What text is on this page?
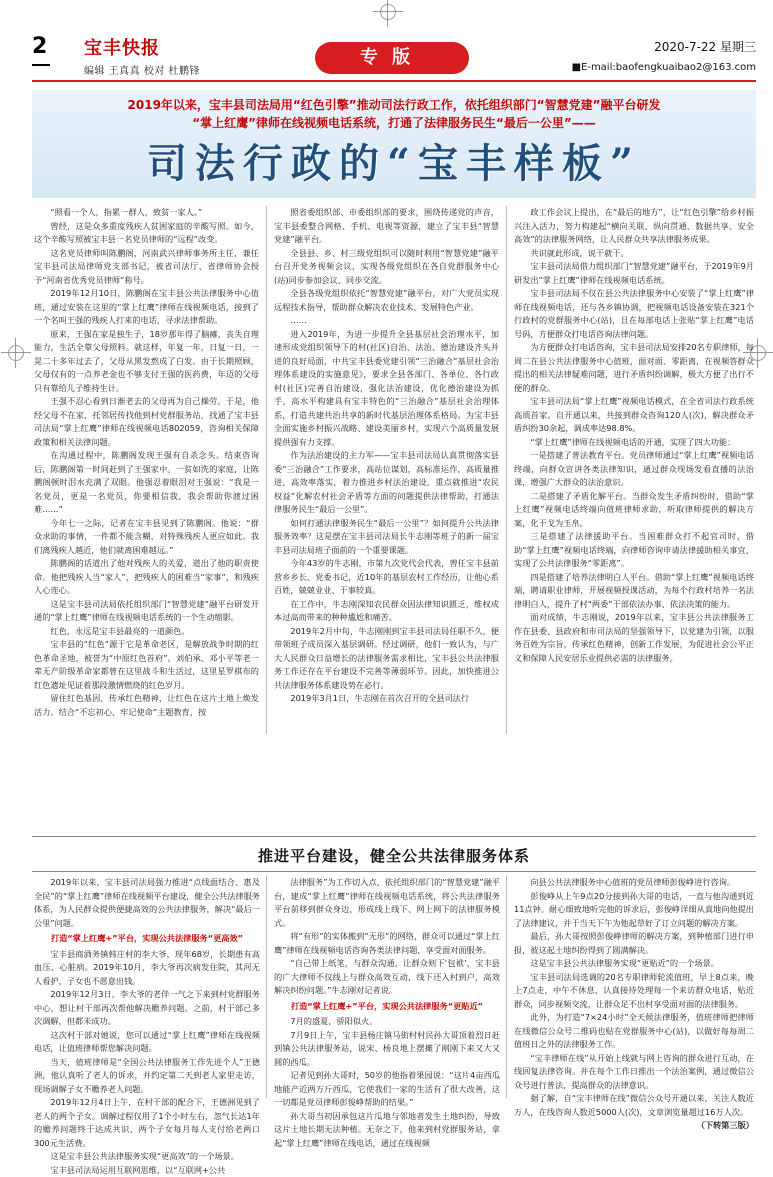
2 宝丰快报
编辑 王真真 校对 杜鹏锋
专版	2020-7-22 星期三
■E-mail:baofengkuaibao2@163.com
2019年以来，宝丰县司法局用“红色引擎”推动司法行政工作，依托组织部门“智慧党建”融平台研发
“掌上红鹰”律师在线视频电话系统，打通了法律服务民生“最后一公里”——
司法行政的“宝丰样板”

“照看一个人，指累一群人，致贫一家人。”

曾经，这是众多重度残疾人贫困家庭的辛酸写照。如今，这个辛酸写照被宝丰县一名党员律师的“远程”改变。

这名党员律师叫陈鹏阁，河南武兴律师事务所主任，兼任宝丰县司法局律师党支部书记，被省司法厅、省律师协会授予“河南省优秀党员律师”称号。

2019年12月10日，陈鹏阁在宝丰县公共法律服务中心值班，通过安装在这里的“掌上红鹰”律师在线视频电话，接到了一个名叫王强的残疾人打来的电话，寻求法律帮助。

原来，王强在家是独生子，18岁那年得了脑瘫，丧失自理能力，生活全靠父母照料。就这样，年复一年，日复一日，一晃二十多年过去了，父母从黑发熬成了白发。由于长期照顾，父母仅有的一点养老金也不够支付王强的医药费，年迈的父母只有靠给儿子维持生计。

王强不忍心看到日渐老去的父母再为自己操劳。于是，他经父母不在家，托邻居传找他到村党群服务站，找通了宝丰县司法局“掌上红鹰”律师在线视频电话802059，咨询相关保障政策和相关法律问题。

在沟通过程中，陈鹏阁发现王强有自杀念头。结束咨询后，陈鹏阁第一时间赶到了王强家中。一贫如洗的家庭，让陈鹏阁顿时泪水充满了双眼。他强忍着眼泪对王强说：“我是一名党员，更是一名党员，你要相信我，我会帮助你渡过困难……”

今年七一之际，记者在宝丰县见到了陈鹏阁。他说：“群众求助的事情，一件都不能含糊，对特殊残疾人更应如此。我们离残疾人越近，他们就离困难越远。”

陈鹏阁的话道出了他对残疾人的关爱，道出了他的职责使命。他把残疾人当“家人”，把残疾人的困难当“家事”，和残疾人心连心。

这是宝丰县司法局依托组织部门“智慧党建”融平台研发开通的“掌上红鹰”律师在线视频电话系统的一个生动缩影。

红色，永远是宝丰县最亮的一道颜色。

宝丰县的“红色”源于它是革命老区，是解放战争时期的红色革命圣地，被誉为“中原红色首府”。刘伯承、邓小平等老一辈无产阶级革命家都曾在这里战斗和生活过，这里星罗棋布的红色遗址见证着那段激情燃烧的红色岁月。

留住红色基因，传承红色精神，让红色在这片土地上焕发活力。结合“不忘初心、牢记使命”主题教育，按

照省委组织部、市委组织部的要求，围绕传递党的声音，宝丰县委整合网格、手机、电视等资源，建立了宝丰县“智慧党建”融平台。

全县县、乡、村三级党组织可以随时利用“智慧党建”融平台召开党务视频会议，实现各级党组织在各自党群服务中心(站)同步参加会议、同步交流。

全县各级党组织依托“智慧党建”融平台，对广大党员实现远程技术指导，帮助群众解决农业技术、发展特色产业。

……

进入2019年，为进一步提升全县基层社会治理水平，加速形成党组织领导下的村(社区)自治、法治、德治建设齐头并进的良好局面，中共宝丰县委党建引领“三治融合”基层社会治理体系建设的实施意见》，要求全县各部门、各单位、各行政村(社区)完善自治建设，强化法治建设，优化德治建设为抓手，高水平构建具有宝丰特色的“三治融合”基层社会治理体系，打造共建共治共享的新时代基层治理体系格局。为宝丰县全面实施乡村振兴战略、建设美丽乡村，实现六个高质量发展提供强有力支撑。

作为法治建设的主力军——宝丰县司法局认真贯彻落实县委“三治融合”工作要求，高站位谋划，高标准运作，高质量推进，高效率落实，着力推进乡村法治建设，重点就推进“农民权益”化解农村社会矛盾等方面的问题提供法律帮助，打通法律服务民生“最后一公里”。

如何打通法律服务民生“最后一公里”？如何提升公共法律服务效率？这是摆在宝丰县司法局长牛志刚等班子的新一届宝丰县司法局班子面前的一个重要课题。

今年43岁的牛志刚，市第九次党代会代表，曾任宝丰县前营乡乡长、党委书记，近10年的基层农村工作经历，让他心系百姓，兢兢业业、干事较真。

在工作中，牛志刚深知农民群众因法律知识匮乏，维权成本过高而带来的种种尴尬和痛苦。

2019年2月中旬，牛志刚刚到宝丰县司法局任职不久，便带领班子成员深入基层调研。经过调研，他们一致认为，与广大人民群众日益增长的法律服务需求相比，宝丰县公共法律服务工作还存在平台建设不完善等薄弱环节。因此，加快推进公共法律服务体系建设势在必行。

2019年3月1日，牛志刚在首次召开的全县司法行

政工作会议上提出，在“最后的地方”，让“红色引擎”给乡村振兴注入活力，努力构建起“横向关联、纵向贯通、数据共享、安全高效”的法律服务网络，让人民群众共享法律服务成果。

共识就此形成，说干就干。

宝丰县司法局借力组织部门“智慧党建”融平台，于2019年9月研发出“掌上红鹰”律师在线视频电话系统。

宝丰县司法局不仅在县公共法律服务中心安装了“掌上红鹰”律师在线视频电话，还与各乡镇协调，把视频电话设备安装在321个行政村的党群服务中心(站)，且在每部电话上张贴“掌上红鹰”电话号码，方便群众打电话咨询法律问题。

为方便群众打电话咨询，宝丰县司法局安排20名专职律师，每周二在县公共法律服务中心值班，面对面、零距离，在视频答群众提出的相关法律疑难问题，进行矛盾纠纷调解，极大方便了出行不便的群众。

宝丰县司法局“掌上红鹰”视频电话模式，在全省司法行政系统高质首家。自开通以来，共接到群众咨询120人(次)，解决群众矛盾纠纷30余起，调成率达98.8%。

“掌上红鹰”律师在线视频电话的开通，实现了四大功能：

一是搭建了普法教育平台。党员律师通过“掌上红鹰”视频电话终端，向群众宣讲各类法律知识，通过群众现场发看直播的法治课，增强广大群众的法治意识。

二是搭建了矛盾化解平台。当群众发生矛盾纠纷时，借助“掌上红鹰”视频电话终端向值班律师求助，听取律师提供的解决方案，化干戈为玉帛。

三是搭建了法律援助平台。当困难群众打不起官司时，借助“掌上红鹰”视频电话终端，向律师咨询申请法律援助相关事宜，实现了公共法律服务“零距离”。

四是搭建了培养法律明白人平台。借助“掌上红鹰”视频电话终端，聘请职业律师，开展视频授课活动，为每个行政村培养一名法律明白人，提升了村“两委”干部依法办事、依法决策的能力。

面对成绩，牛志刚说，2019年以来，宝丰县公共法律服务工作在县委、县政府和市司法局的坚强领导下，以党建为引领，以服务百姓为宗旨，传承红色精神，创新工作发展，为促进社会公平正义和保障人民安居乐业提供必需的法律服务。

推进平台建设，健全公共法律服务体系

2019年以来，宝丰县司法局强力推进“点线面结合、惠及全民”的“掌上红鹰”律师在线视频平台建设，健全公共法律服务体系，为人民群众提供便捷高效的公共法律服务，解决“最后一公里”问题。

打造“掌上红鹰+”平台，实现公共法律服务“更高效”

宝丰县商酒务镇韩庄村的李大爷，现年68岁，长期患有高血压、心脏病。2019年10月，李大爷再次病发住院，其河无人看护，子女也不愿意出钱。

2019年12月3日，李大爷的老伴一气之下来到村党群服务中心，想让村干部再次帮他解决赡养问题。之前，村干部已多次调解，但都未成功。

这次村干部对她说，您可以通过“掌上红鹰”律师在线视频电话，让值班律师帮您解决问题。

当天，值班律师是“全国公共法律服务工作先进个人”王德洲，他认真听了老人的诉求，并约定第二天到老人家里走访，现场调解子女不赡养老人问题。

2019年12月4日上午，在村干部的配合下，王德洲见到了老人的两个子女。调解过程仅用了1个小时左右，忽气长达1年的赡养问题终于达成共识，两个子女每月每人支付给老两口300元生活费。

这是宝丰县公共法律服务实现“更高效”的一个场景。

宝丰县司法局运用互联网思维，以“互联网+公共

法律服务”为工作切入点，依托组织部门的“智慧党建”融平台，建成“掌上红鹰”律师在线视频电话系统，将公共法律服务平台前移到群众身边，形成线上线下、网上网下的法律服务模式。

将“有形”的实体搬到“无形”的网络，群众可以通过“掌上红鹰”律师在线视频电话咨询各类法律问题，享受面对面服务。

“自己带上纸笔，与群众沟通，让群众则下‘包袱’，宝丰县的广大律师不仅线上与群众高效互动，线下还入村到户，高效解决纠纷问题。”牛志刚对记者说。

打造“掌上红鹰+”平台，实现公共法律服务“更贴近”

7月的盛夏，骄阳似火。

7月9日上午，宝丰县杨庄镇马街村村民孙大哥顶着烈日赶到镇公共法律服务站，说宋、杨良地上摆摊了刚刚下来又大又圆的西瓜。

记者见到孙大哥时，50岁的他指着果园说：“这片4亩西瓜地能产近两万斤西瓜，它使我们一家的生活有了很大改善，这一切都是党员律师彭俊峥帮助的结果。”

孙大哥当初因承包这片瓜地与邻地者发生土地纠纷，导致这片土地长期无法种植。无奈之下，他来到村党群服务站，拿起“掌上红鹰”律师在线电话，通过在线视频

向县公共法律服务中心值班的党员律师彭俊峥进行咨询。

彭俊峥从上午9点20分接到孙大哥的电话，一直与他沟通到近11点钟。耐心细致地听完他的诉求后，彭俊峥详细从真地向他提出了法律建议，并于当天下午为他起草好了订立问题的解决方案。

最后，孙大哥按照彭俊峥律师的解决方案，到种植部门进行申报，彼这起土地纠纷得到了圆满解决。

这是宝丰县公共法律服务实现“更贴近”的一个场景。

宝丰县司法局选调的20名专职律师轮流值班，早上8点来，晚上7点走，中午不休息，认真接待处理每一个来访群众电话，贴近群众，同步视频交流，让群众足不出村享受面对面的法律服务。

此外，为打造“7×24小时”全天候法律服务，值班律师把律师在线微信公众号二维码也贴在党群服务中心(站)，以做好每每周二值班日之外的法律服务工作。

“宝丰律师在线”从开始上线就与网上咨询的群众进行互动，在线回复法律咨询。并在每个工作日推出一个法治案例，通过微信公众号进行普法，提高群众的法律意识。

据了解，自“宝丰律师在线”微信公众号开通以来，关注人数近万人，在线咨询人数近5000人(次)，文章浏览量超过16万人次。

（下转第三版）
